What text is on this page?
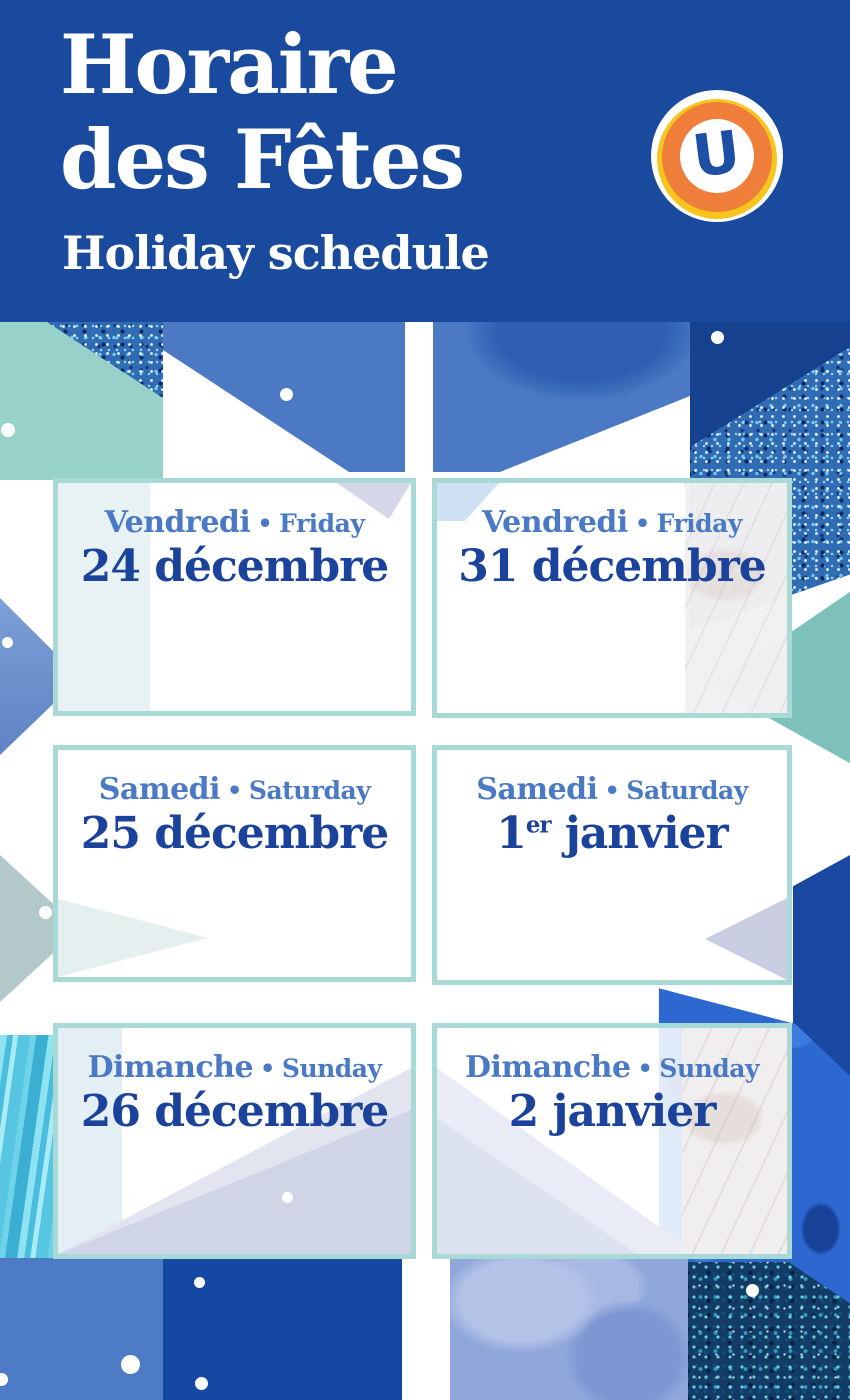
Horaire
des Fêtes
Holiday schedule
U
Vendredi • Friday
24 décembre
Vendredi • Friday
31 décembre
Samedi • Saturday
25 décembre
Samedi • Saturday
1er janvier
Dimanche • Sunday
26 décembre
Dimanche • Sunday
2 janvier
